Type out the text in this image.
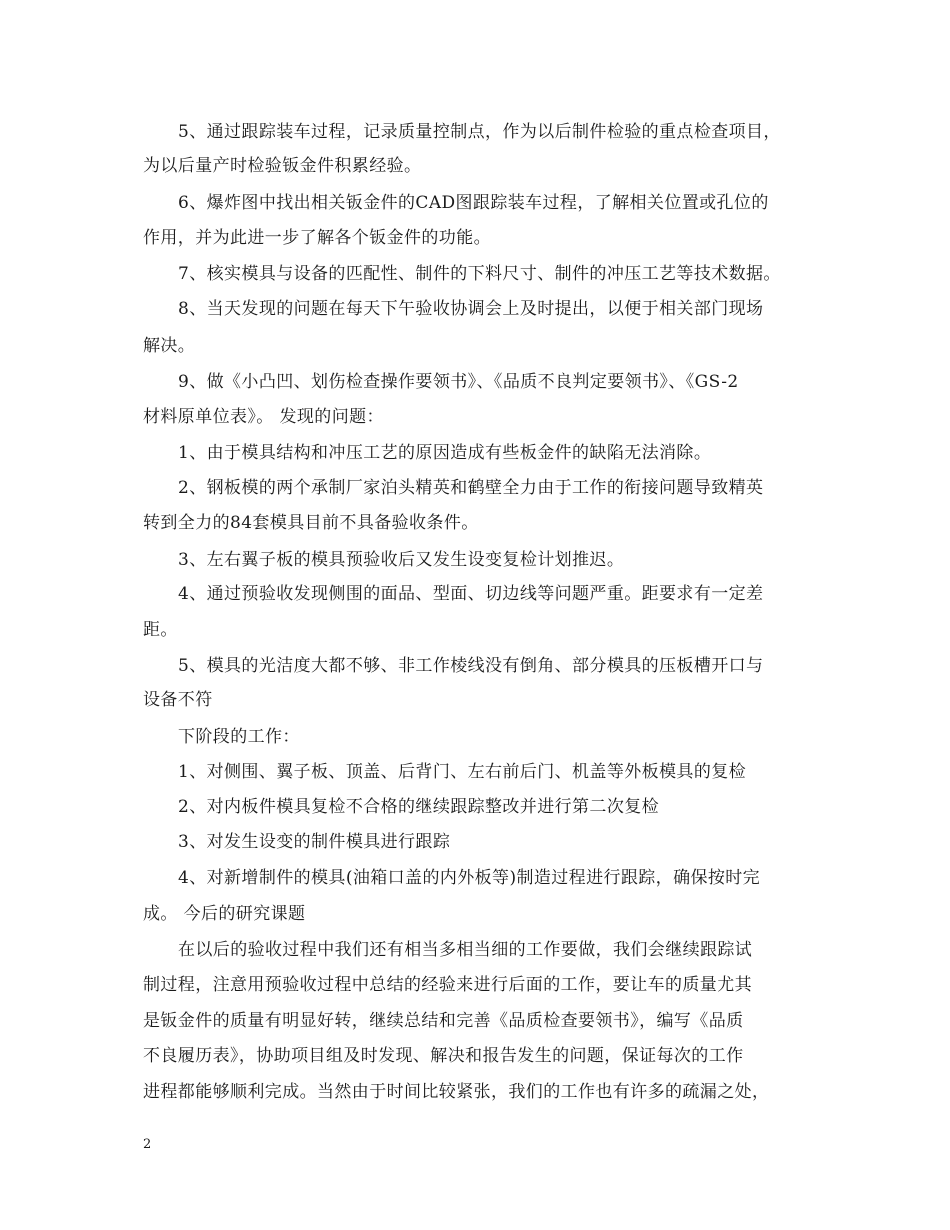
5、通过跟踪装车过程，记录质量控制点，作为以后制件检验的重点检查项目，
为以后量产时检验钣金件积累经验。
6、爆炸图中找出相关钣金件的CAD图跟踪装车过程，了解相关位置或孔位的
作用，并为此进一步了解各个钣金件的功能。
7、核实模具与设备的匹配性、制件的下料尺寸、制件的冲压工艺等技术数据。
8、当天发现的问题在每天下午验收协调会上及时提出，以便于相关部门现场
解决。
9、做《小凸凹、划伤检查操作要领书》、《品质不良判定要领书》、《GS-2
材料原单位表》。 发现的问题：
1、由于模具结构和冲压工艺的原因造成有些板金件的缺陷无法消除。
2、钢板模的两个承制厂家泊头精英和鹤壁全力由于工作的衔接问题导致精英
转到全力的84套模具目前不具备验收条件。
3、左右翼子板的模具预验收后又发生设变复检计划推迟。
4、通过预验收发现侧围的面品、型面、切边线等问题严重。距要求有一定差
距。
5、模具的光洁度大都不够、非工作棱线没有倒角、部分模具的压板槽开口与
设备不符
下阶段的工作：
1、对侧围、翼子板、顶盖、后背门、左右前后门、机盖等外板模具的复检
2、对内板件模具复检不合格的继续跟踪整改并进行第二次复检
3、对发生设变的制件模具进行跟踪
4、对新增制件的模具(油箱口盖的内外板等)制造过程进行跟踪，确保按时完
成。 今后的研究课题
在以后的验收过程中我们还有相当多相当细的工作要做，我们会继续跟踪试
制过程，注意用预验收过程中总结的经验来进行后面的工作，要让车的质量尤其
是钣金件的质量有明显好转，继续总结和完善《品质检查要领书》，编写《品质
不良履历表》，协助项目组及时发现、解决和报告发生的问题，保证每次的工作
进程都能够顺利完成。当然由于时间比较紧张，我们的工作也有许多的疏漏之处，
2
